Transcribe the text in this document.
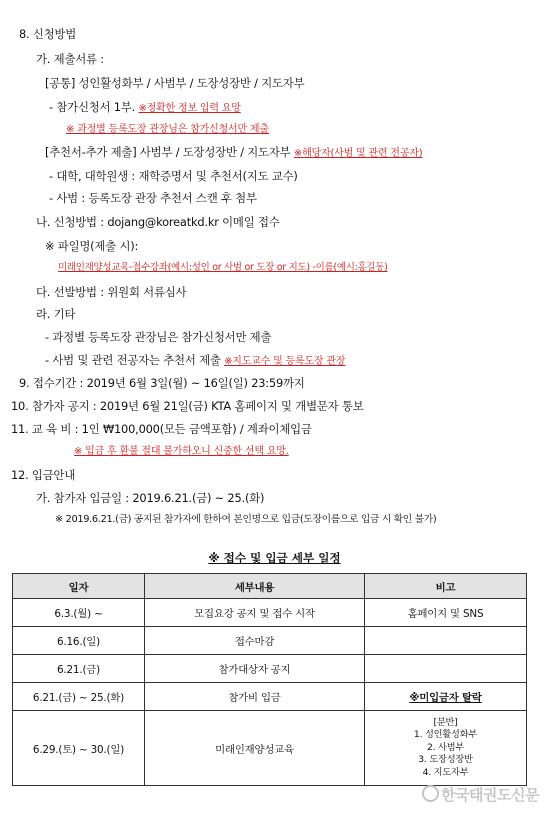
8. 신청방법
가. 제출서류 :
[공통] 성인활성화부 / 사범부 / 도장성장반 / 지도자부
- 참가신청서 1부. ※정확한 정보 입력 요망
※ 과정별 등록도장 관장님은 참가신청서만 제출
[추천서-추가 제출] 사범부 / 도장성장반 / 지도자부 ※해당자(사범 및 관련 전공자)
- 대학, 대학원생 : 재학증명서 및 추천서(지도 교수)
- 사범 : 등록도장 관장 추천서 스캔 후 첨부
나. 신청방법 : dojang@koreatkd.kr 이메일 접수
※ 파일명(제출 시):
미래인재양성교육-접수강좌(예시:성인 or 사범 or 도장 or 지도) -이름(예시:홍길동)
다. 선발방법 : 위원회 서류심사
라. 기타
- 과정별 등록도장 관장님은 참가신청서만 제출
- 사범 및 관련 전공자는 추천서 제출 ※지도교수 및 등록도장 관장
9. 접수기간 : 2019년 6월 3일(월) ~ 16일(일) 23:59까지
10. 참가자 공지 : 2019년 6월 21일(금) KTA 홈페이지 및 개별문자 통보
11. 교 육 비 : 1인 ₩100,000(모든 금액포함) / 계좌이체입금
※ 입금 후 환불 절대 불가하오니 신중한 선택 요망.
12. 입금안내
가. 참가자 입금일 : 2019.6.21.(금) ~ 25.(화)
※ 2019.6.21.(금) 공지된 참가자에 한하여 본인명으로 입금(도장이름으로 입금 시 확인 불가)
※ 접수 및 입금 세부 일정
일자	세부내용	비고
6.3.(월) ~	모집요강 공지 및 접수 시작	홈페이지 및 SNS
6.16.(일)	접수마감	
6.21.(금)	참가대상자 공지	
6.21.(금) ~ 25.(화)	참가비 입금	※미입금자 탈락
6.29.(토) ~ 30.(일)	미래인재양성교육	[분반]
1. 성인활성화부
2. 사범부
3. 도장성장반
4. 지도자부
한국태권도신문
